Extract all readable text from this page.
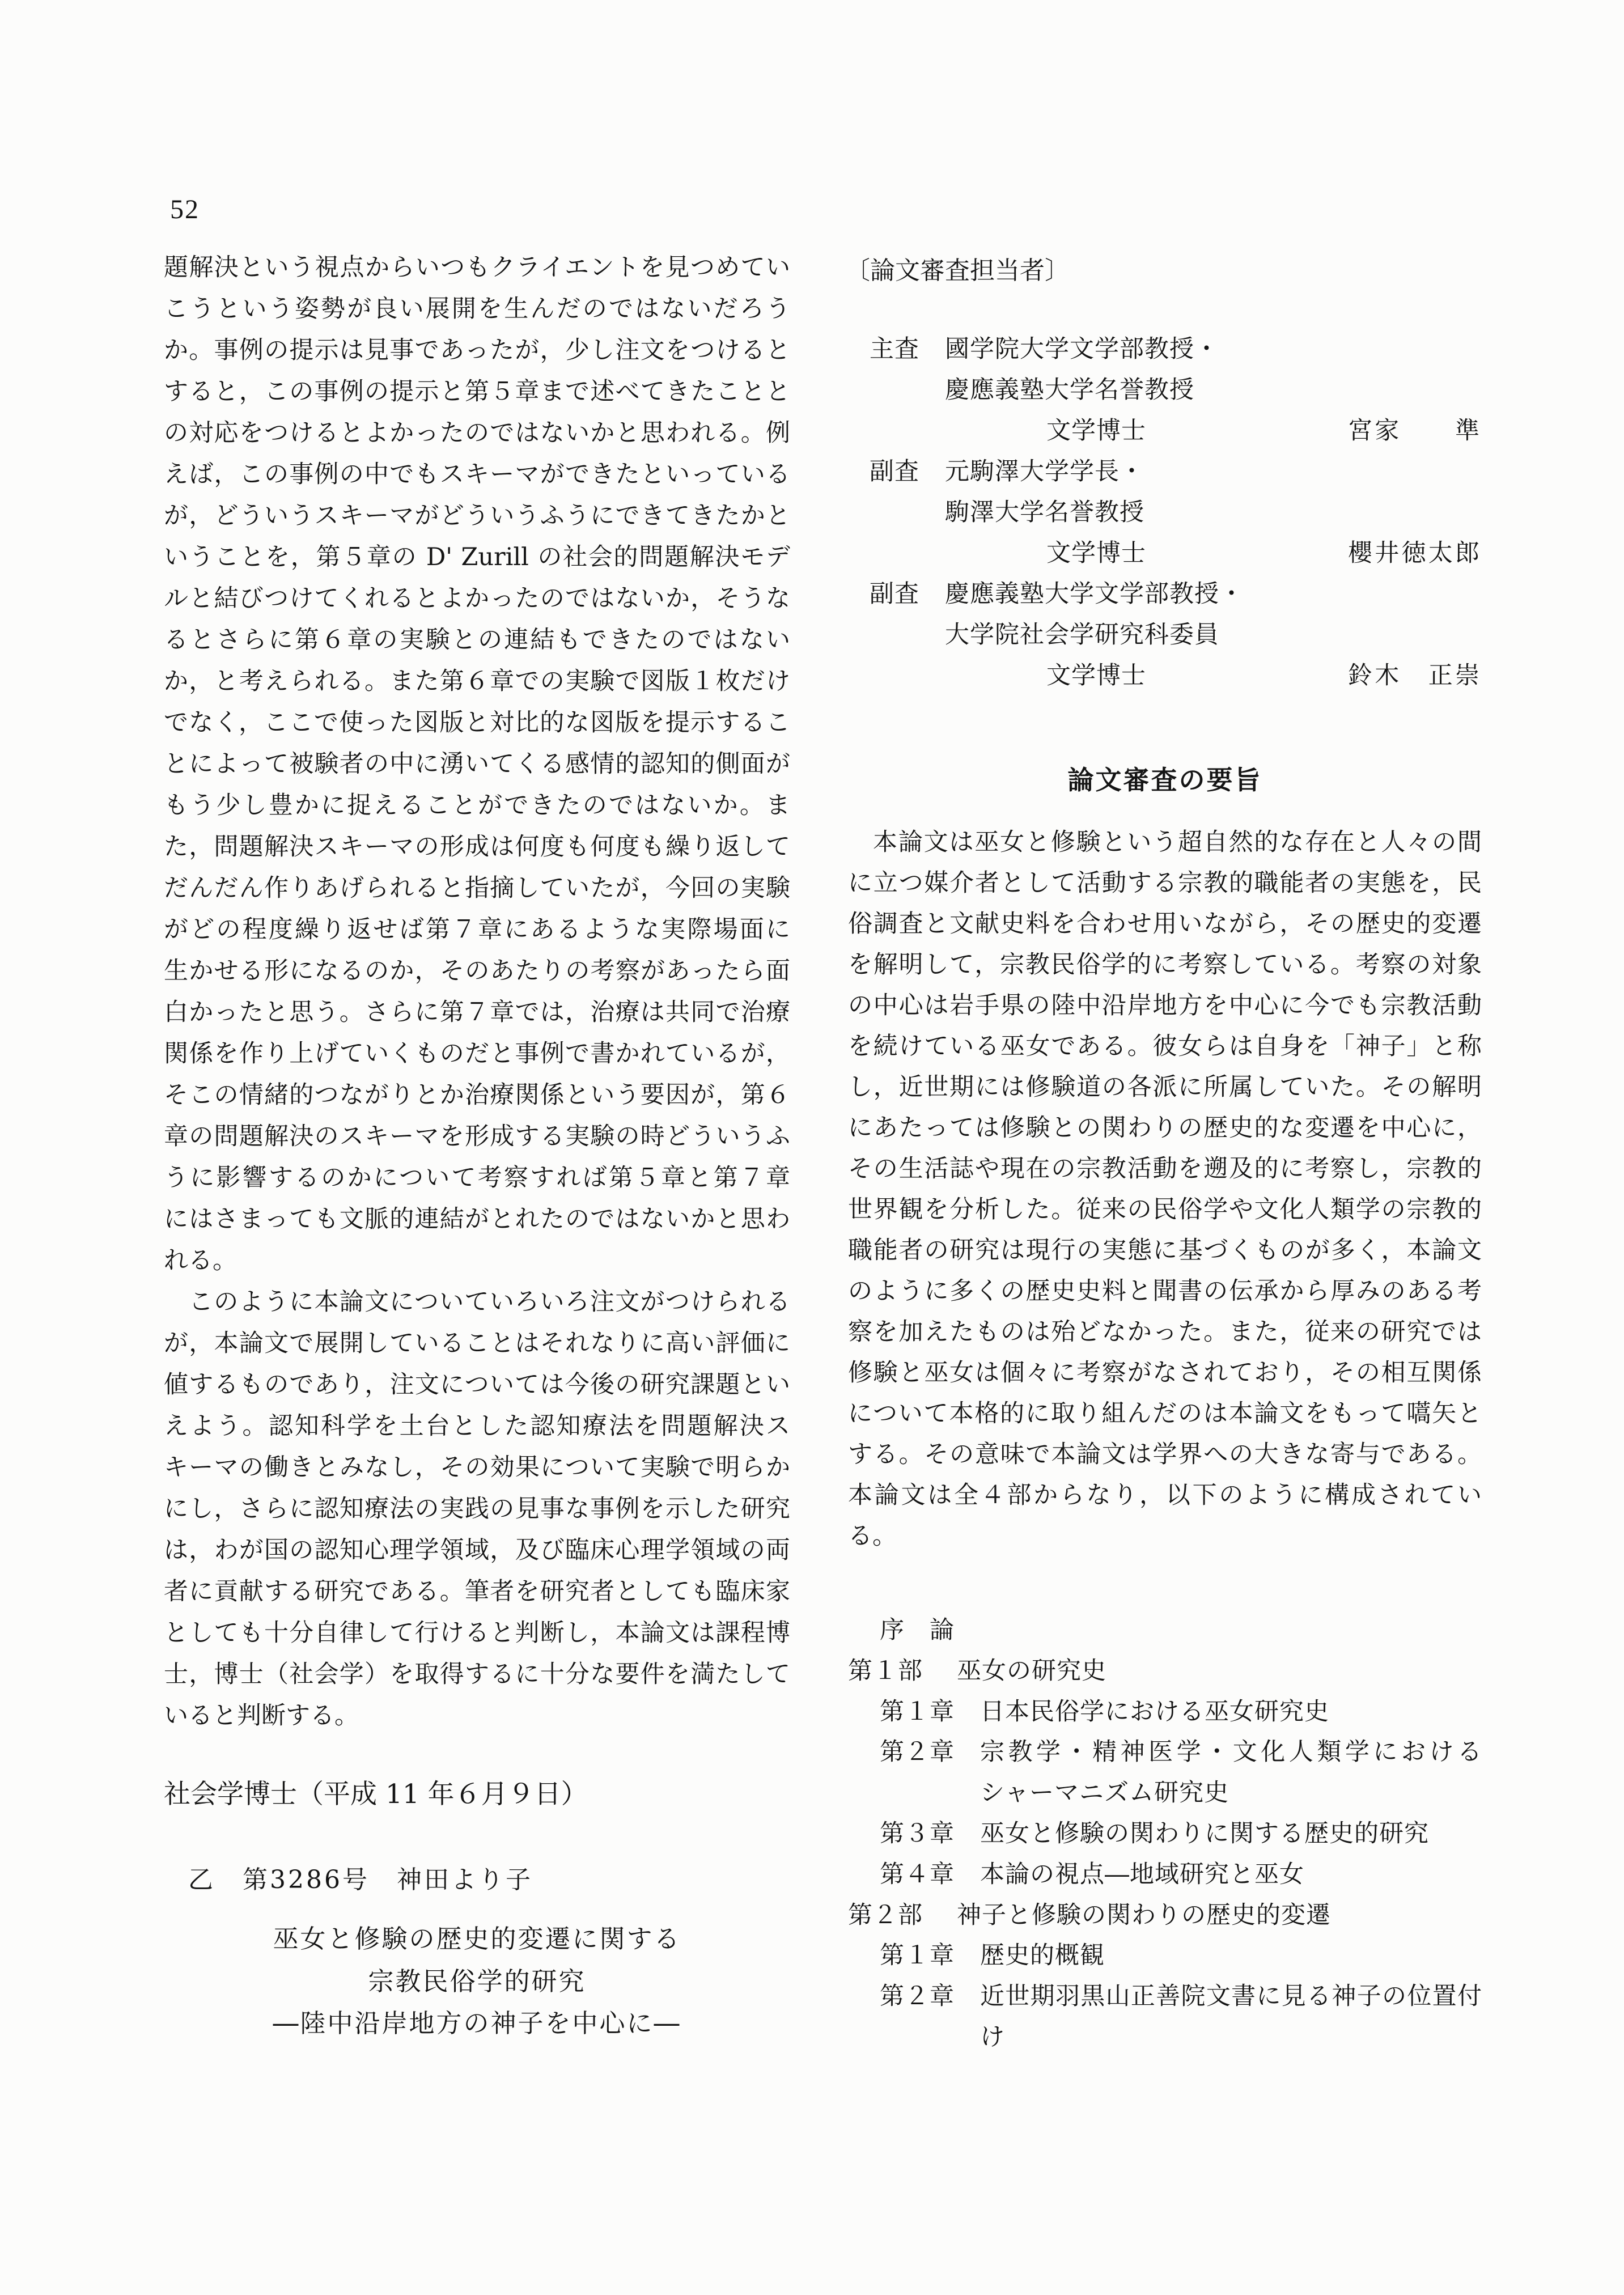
52
題解決という視点からいつもクライエントを見つめてい
こうという姿勢が良い展開を生んだのではないだろう
か。事例の提示は見事であったが，少し注文をつけると
すると，この事例の提示と第５章まで述べてきたことと
の対応をつけるとよかったのではないかと思われる。例
えば，この事例の中でもスキーマができたといっている
が，どういうスキーマがどういうふうにできてきたかと
いうことを，第５章の D' Zurill の社会的問題解決モデ
ルと結びつけてくれるとよかったのではないか，そうな
るとさらに第６章の実験との連結もできたのではない
か，と考えられる。また第６章での実験で図版１枚だけ
でなく，ここで使った図版と対比的な図版を提示するこ
とによって被験者の中に湧いてくる感情的認知的側面が
もう少し豊かに捉えることができたのではないか。ま
た，問題解決スキーマの形成は何度も何度も繰り返して
だんだん作りあげられると指摘していたが，今回の実験
がどの程度繰り返せば第７章にあるような実際場面に
生かせる形になるのか，そのあたりの考察があったら面
白かったと思う。さらに第７章では，治療は共同で治療
関係を作り上げていくものだと事例で書かれているが，
そこの情緒的つながりとか治療関係という要因が，第６
章の問題解決のスキーマを形成する実験の時どういうふ
うに影響するのかについて考察すれば第５章と第７章
にはさまっても文脈的連結がとれたのではないかと思わ
れる。
このように本論文についていろいろ注文がつけられる
が，本論文で展開していることはそれなりに高い評価に
値するものであり，注文については今後の研究課題とい
えよう。認知科学を土台とした認知療法を問題解決ス
キーマの働きとみなし，その効果について実験で明らか
にし，さらに認知療法の実践の見事な事例を示した研究
は，わが国の認知心理学領域，及び臨床心理学領域の両
者に貢献する研究である。筆者を研究者としても臨床家
としても十分自律して行けると判断し，本論文は課程博
士，博士（社会学）を取得するに十分な要件を満たして
いると判断する。
社会学博士（平成 11 年６月９日）
乙　第3286号　神田より子
巫女と修験の歴史的変遷に関する
宗教民俗学的研究
―陸中沿岸地方の神子を中心に―
〔論文審査担当者〕
主査 國学院大学文学部教授・
慶應義塾大学名誉教授
文学博士	宮家　　準
副査 元駒澤大学学長・
駒澤大学名誉教授
文学博士	櫻井徳太郎
副査 慶應義塾大学文学部教授・
大学院社会学研究科委員
文学博士	鈴木　正崇
論文審査の要旨
本論文は巫女と修験という超自然的な存在と人々の間
に立つ媒介者として活動する宗教的職能者の実態を，民
俗調査と文献史料を合わせ用いながら，その歴史的変遷
を解明して，宗教民俗学的に考察している。考察の対象
の中心は岩手県の陸中沿岸地方を中心に今でも宗教活動
を続けている巫女である。彼女らは自身を「神子」と称
し，近世期には修験道の各派に所属していた。その解明
にあたっては修験との関わりの歴史的な変遷を中心に，
その生活誌や現在の宗教活動を遡及的に考察し，宗教的
世界観を分析した。従来の民俗学や文化人類学の宗教的
職能者の研究は現行の実態に基づくものが多く，本論文
のように多くの歴史史料と聞書の伝承から厚みのある考
察を加えたものは殆どなかった。また，従来の研究では
修験と巫女は個々に考察がなされており，その相互関係
について本格的に取り組んだのは本論文をもって嚆矢と
する。その意味で本論文は学界への大きな寄与である。
本論文は全４部からなり，以下のように構成されてい
る。
序　論
第１部 巫女の研究史
第１章 日本民俗学における巫女研究史
第２章 宗教学・精神医学・文化人類学における
シャーマニズム研究史
第３章 巫女と修験の関わりに関する歴史的研究
第４章 本論の視点―地域研究と巫女
第２部 神子と修験の関わりの歴史的変遷
第１章 歴史的概観
第２章 近世期羽黒山正善院文書に見る神子の位置付
け
